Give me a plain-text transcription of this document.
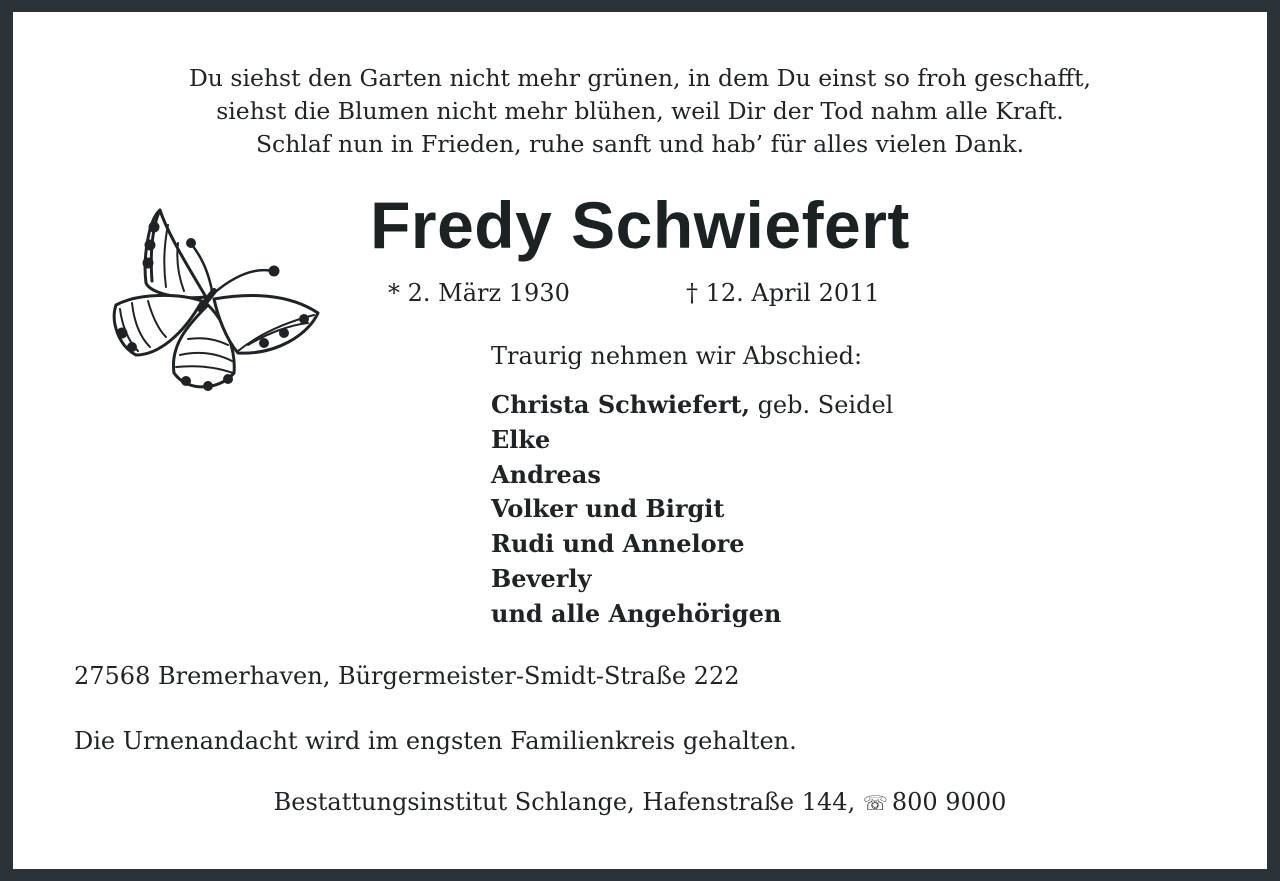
Du siehst den Garten nicht mehr grünen, in dem Du einst so froh geschafft,
siehst die Blumen nicht mehr blühen, weil Dir der Tod nahm alle Kraft.
Schlaf nun in Frieden, ruhe sanft und hab’ für alles vielen Dank.
Fredy Schwiefert
* 2. März 1930	† 12. April 2011
Traurig nehmen wir Abschied:
Christa Schwiefert, geb. Seidel
Elke
Andreas
Volker und Birgit
Rudi und Annelore
Beverly
und alle Angehörigen
27568 Bremerhaven, Bürgermeister-Smidt-Straße 222
Die Urnenandacht wird im engsten Familienkreis gehalten.
Bestattungsinstitut Schlange, Hafenstraße 144, ☏ 800 9000
